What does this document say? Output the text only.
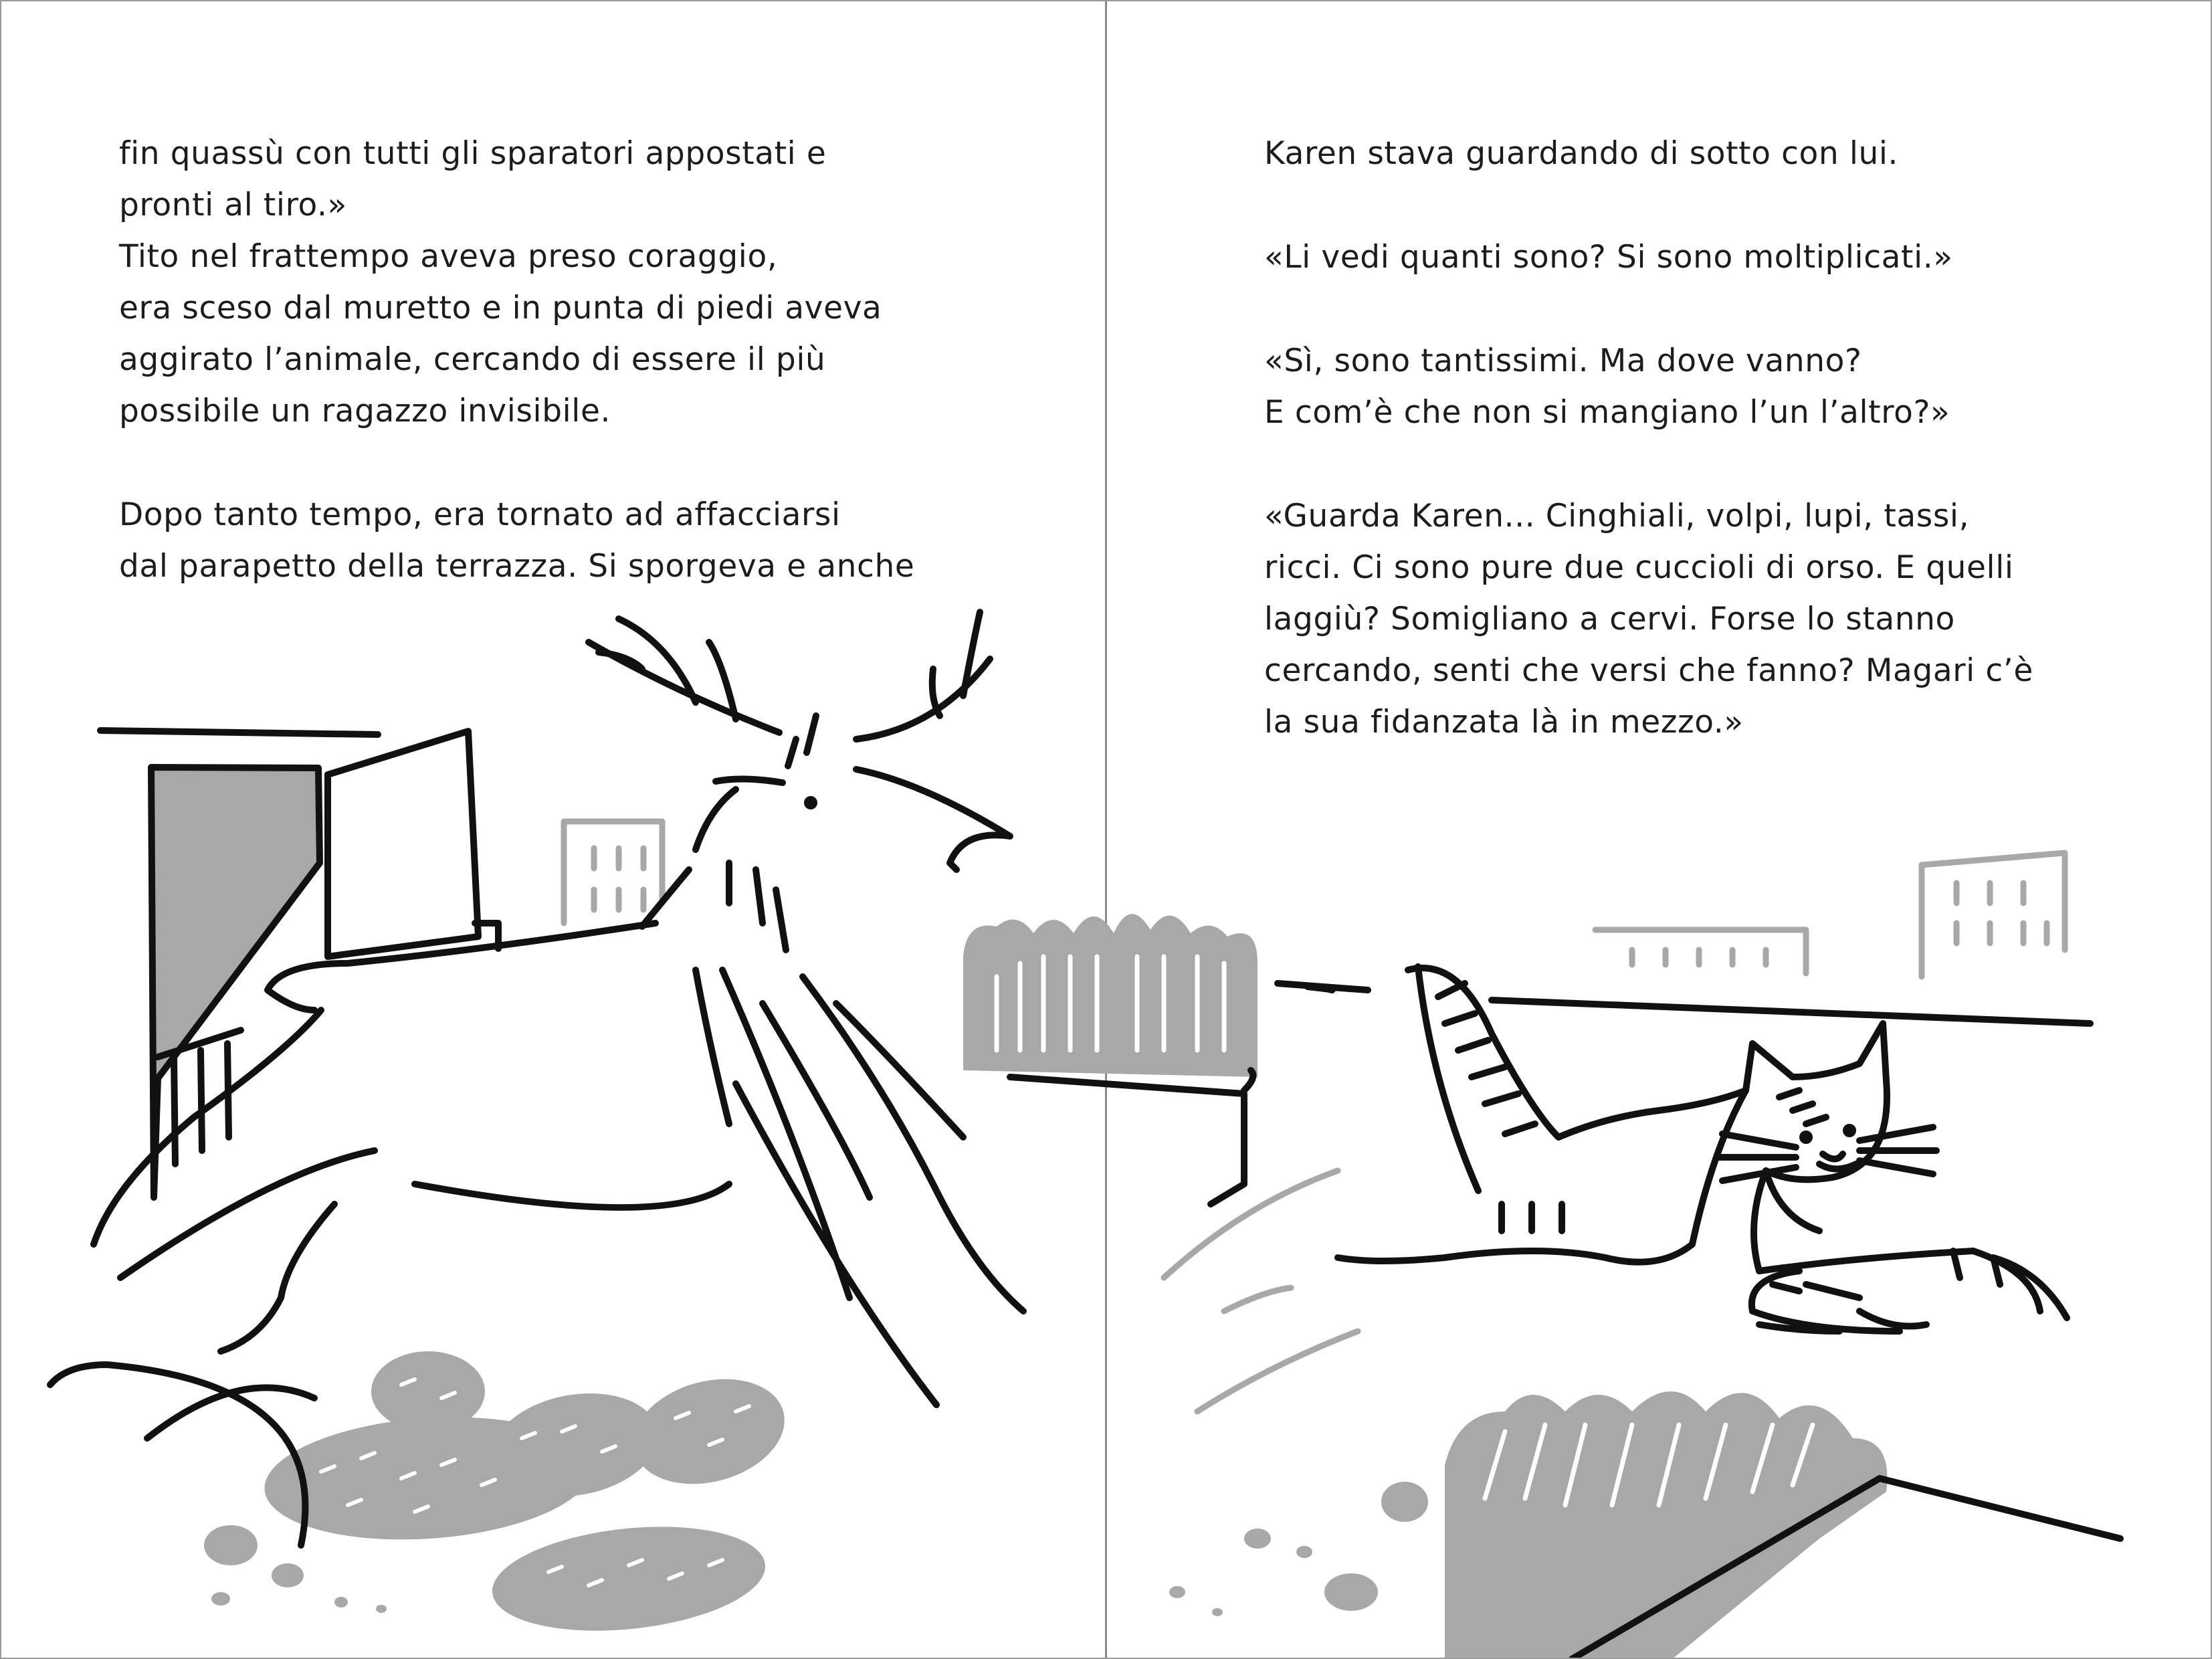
fin quassù con tutti gli sparatori appostati e
pronti al tiro.»
Tito nel frattempo aveva preso coraggio,
era sceso dal muretto e in punta di piedi aveva
aggirato l’animale, cercando di essere il più
possibile un ragazzo invisibile.
Dopo tanto tempo, era tornato ad affacciarsi
dal parapetto della terrazza. Si sporgeva e anche
Karen stava guardando di sotto con lui.
«Li vedi quanti sono? Si sono moltiplicati.»
«Sì, sono tantissimi. Ma dove vanno?
E com’è che non si mangiano l’un l’altro?»
«Guarda Karen... Cinghiali, volpi, lupi, tassi,
ricci. Ci sono pure due cuccioli di orso. E quelli
laggiù? Somigliano a cervi. Forse lo stanno
cercando, senti che versi che fanno? Magari c’è
la sua fidanzata là in mezzo.»
